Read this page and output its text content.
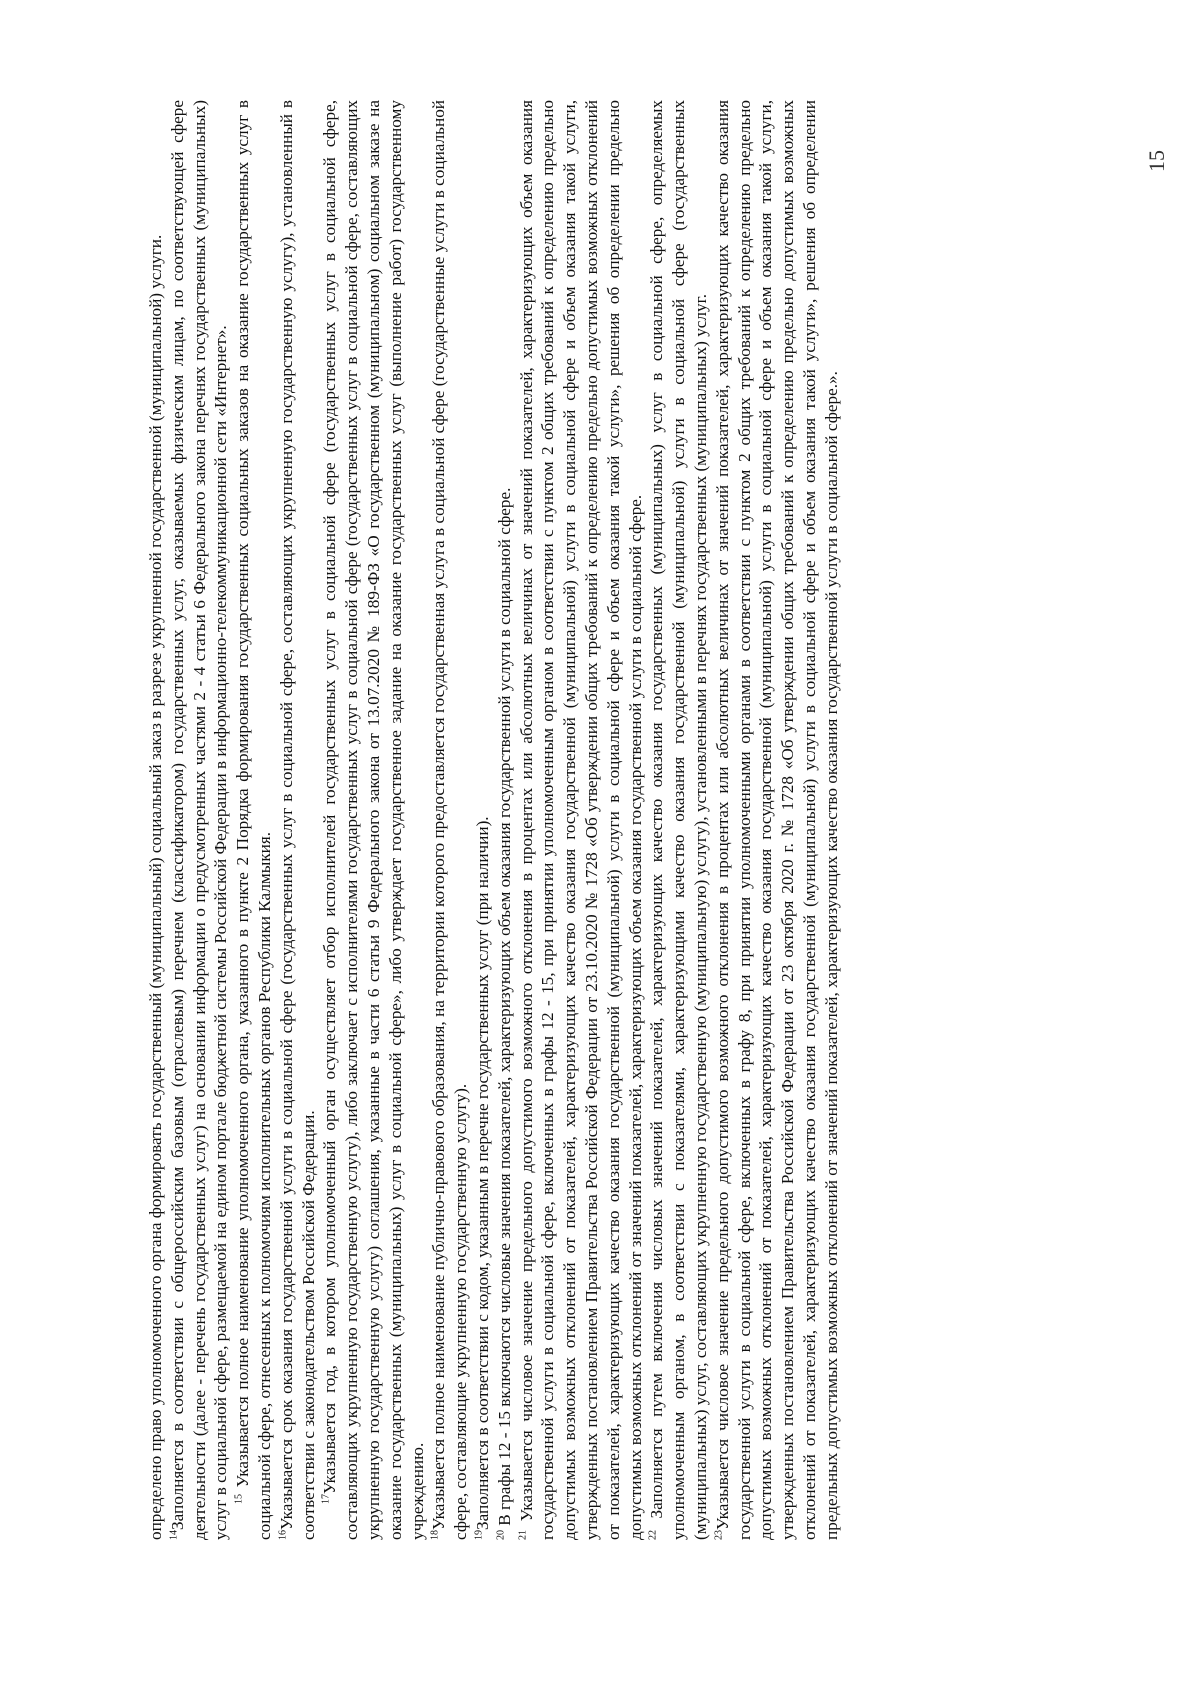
определено право уполномоченного органа формировать государственный (муниципальный) социальный заказ в разрезе укрупненной государственной (муниципальной) услуги. $^{14}$Заполняется в соответствии с общероссийским базовым (отраслевым) перечнем (классификатором) государственных услуг, оказываемых физическим лицам, по соответствующей сфере деятельности (далее - перечень государственных услуг) на основании информации о предусмотренных частями 2 - 4 статьи 6 Федерального закона перечнях государственных (муниципальных) услуг в социальной сфере, размещаемой на едином портале бюджетной системы Российской Федерации в информационно-телекоммуникационной сети «Интернет». $^{15}$ Указывается полное наименование уполномоченного органа, указанного в пункте 2 Порядка формирования государственных социальных заказов на оказание государственных услуг в социальной сфере, отнесенных к полномочиям исполнительных органов Республики Калмыкия. $^{16}$Указывается срок оказания государственной услуги в социальной сфере (государственных услуг в социальной сфере, составляющих укрупненную государственную услугу), установленный в соответствии с законодательством Российской Федерации. $^{17}$Указывается год, в котором уполномоченный орган осуществляет отбор исполнителей государственных услуг в социальной сфере (государственных услуг в социальной сфере, составляющих укрупненную государственную услугу), либо заключает с исполнителями государственных услуг в социальной сфере (государственных услуг в социальной сфере, составляющих укрупненную государственную услугу) соглашения, указанные в части 6 статьи 9 Федерального закона от 13.07.2020 № 189-ФЗ «О государственном (муниципальном) социальном заказе на оказание государственных (муниципальных) услуг в социальной сфере», либо утверждает государственное задание на оказание государственных услуг (выполнение работ) государственному учреждению. $^{18}$Указывается полное наименование публично-правового образования, на территории которого предоставляется государственная услуга в социальной сфере (государственные услуги в социальной сфере, составляющие укрупненную государственную услугу). $^{19}$Заполняется в соответствии с кодом, указанным в перечне государственных услуг (при наличии).

$^{20}$ В графы 12 - 15 включаются числовые значения показателей, характеризующих объем оказания государственной услуги в социальной сфере.

$^{21}$ Указывается числовое значение предельного допустимого возможного отклонения в процентах или абсолютных величинах от значений показателей, характеризующих объем оказания государственной услуги в социальной сфере, включенных в графы 12 - 15, при принятии уполномоченным органом в соответствии с пунктом 2 общих требований к определению предельно допустимых возможных отклонений от показателей, характеризующих качество оказания государственной (муниципальной) услуги в социальной сфере и объем оказания такой услуги, утвержденных постановлением Правительства Российской Федерации от 23.10.2020 № 1728 «Об утверждении общих требований к определению предельно допустимых возможных отклонений от показателей, характеризующих качество оказания государственной (муниципальной) услуги в социальной сфере и объем оказания такой услуги», решения об определении предельно допустимых возможных отклонений от значений показателей, характеризующих объем оказания государственной услуги в социальной сфере. $^{22}$ Заполняется путем включения числовых значений показателей, характеризующих качество оказания государственных (муниципальных) услуг в социальной сфере, определяемых уполномоченным органом, в соответствии с показателями, характеризующими качество оказания государственной (муниципальной) услуги в социальной сфере (государственных (муниципальных) услуг, составляющих укрупненную государственную (муниципальную) услугу), установленными в перечнях государственных (муниципальных) услуг. $^{23}$Указывается числовое значение предельного допустимого возможного отклонения в процентах или абсолютных величинах от значений показателей, характеризующих качество оказания государственной услуги в социальной сфере, включенных в графу 8, при принятии уполномоченными органами в соответствии с пунктом 2 общих требований к определению предельно допустимых возможных отклонений от показателей, характеризующих качество оказания государственной (муниципальной) услуги в социальной сфере и объем оказания такой услуги, утвержденных постановлением Правительства Российской Федерации от 23 октября 2020 г. № 1728 «Об утверждении общих требований к определению предельно допустимых возможных отклонений от показателей, характеризующих качество оказания государственной (муниципальной) услуги в социальной сфере и объем оказания такой услуги», решения об определении предельных допустимых возможных отклонений от значений показателей, характеризующих качество оказания государственной услуги в социальной сфере.».

15
